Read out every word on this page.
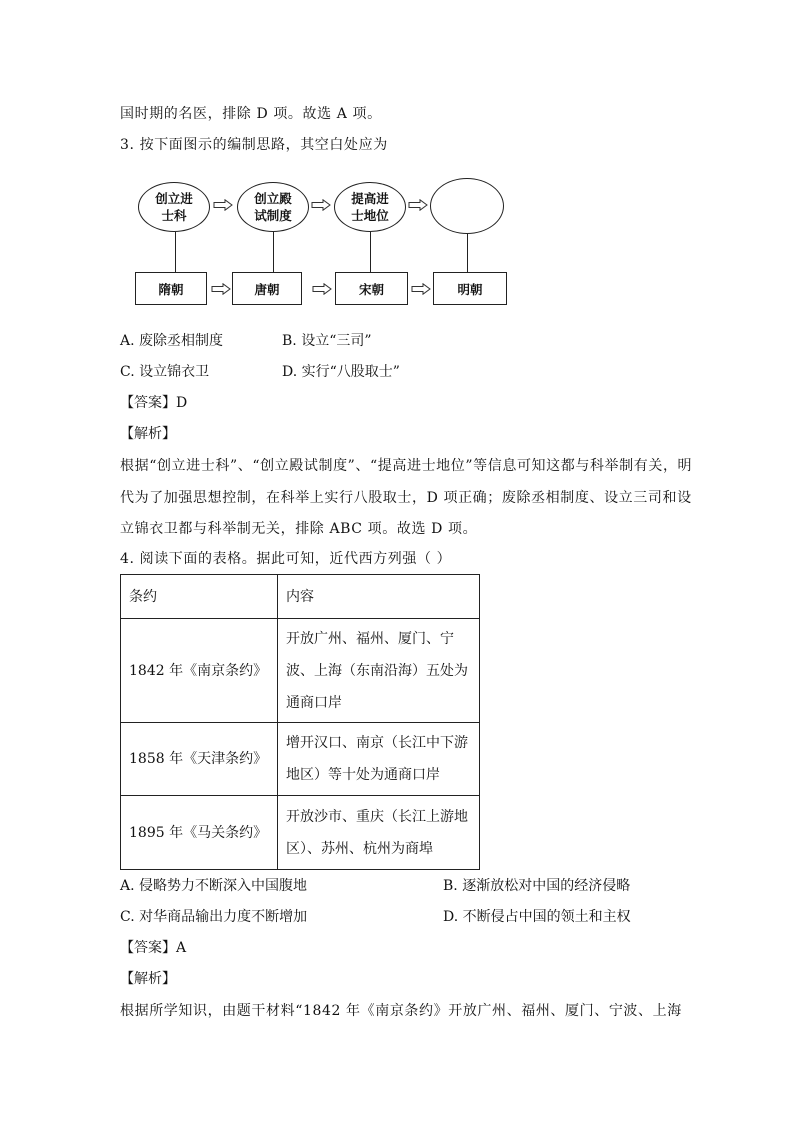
国时期的名医，排除 D 项。故选 A 项。
3. 按下面图示的编制思路，其空白处应为
创立进
士科
创立殿
试制度
提高进
士地位
隋朝	唐朝	宋朝	明朝
A. 废除丞相制度	B. 设立“三司”
C. 设立锦衣卫	D. 实行“八股取士”
【答案】D
【解析】
根据“创立进士科”、“创立殿试制度”、“提高进士地位”等信息可知这都与科举制有关，明
代为了加强思想控制，在科举上实行八股取士，D 项正确；废除丞相制度、设立三司和设
立锦衣卫都与科举制无关，排除 ABC 项。故选 D 项。
4. 阅读下面的表格。据此可知，近代西方列强（ ）
条约	内容
1842 年《南京条约》	开放广州、福州、厦门、宁
波、上海（东南沿海）五处为
通商口岸

1858 年《天津条约》	增开汉口、南京（长江中下游
地区）等十处为通商口岸

1895 年《马关条约》	开放沙市、重庆（长江上游地
区）、苏州、杭州为商埠
A. 侵略势力不断深入中国腹地	B. 逐渐放松对中国的经济侵略
C. 对华商品输出力度不断增加	D. 不断侵占中国的领土和主权
【答案】A
【解析】
根据所学知识，由题干材料“1842 年《南京条约》开放广州、福州、厦门、宁波、上海
